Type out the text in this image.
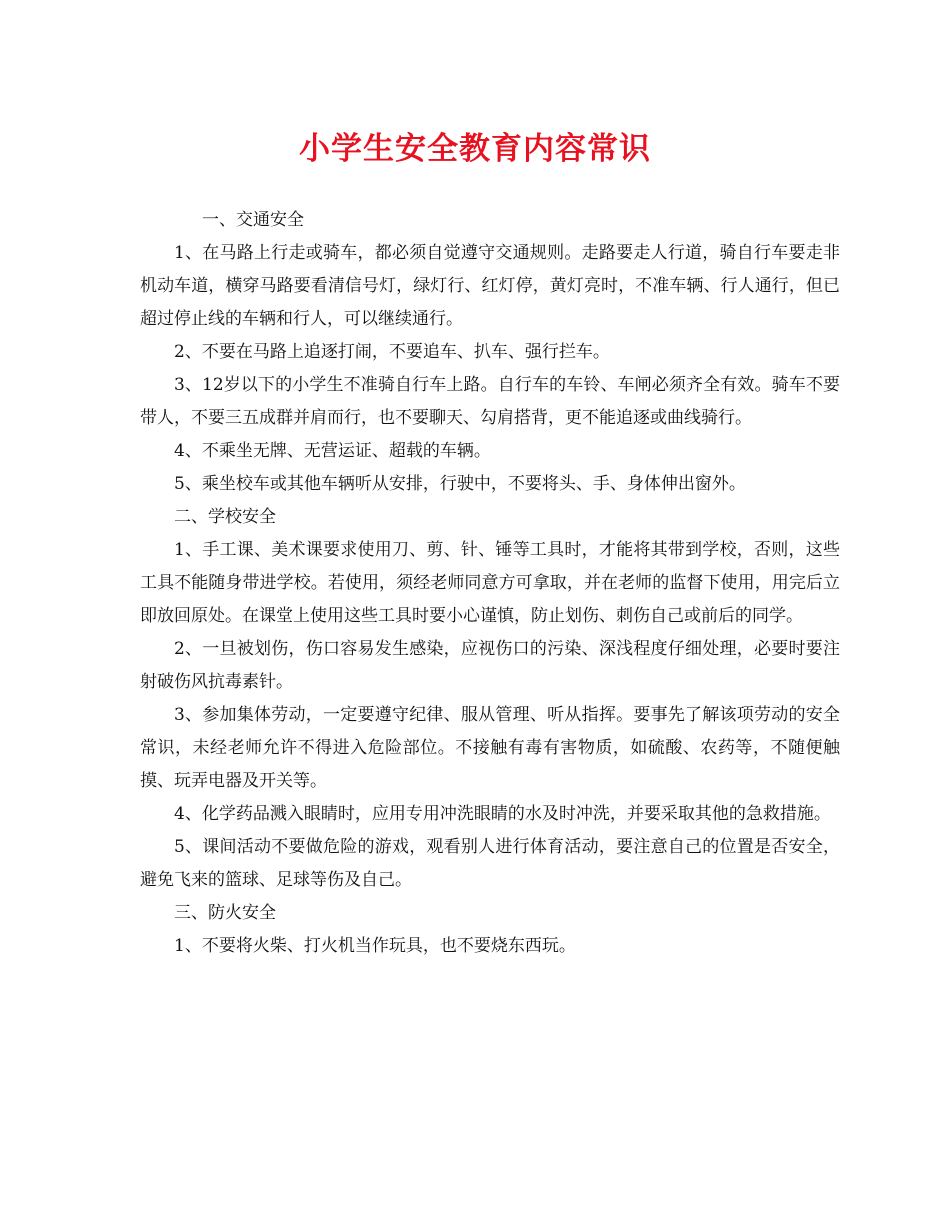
小学生安全教育内容常识

一、交通安全

1、在马路上行走或骑车，都必须自觉遵守交通规则。走路要走人行道，骑自行车要走非机动车道，横穿马路要看清信号灯，绿灯行、红灯停，黄灯亮时，不准车辆、行人通行，但已超过停止线的车辆和行人，可以继续通行。

2、不要在马路上追逐打闹，不要追车、扒车、强行拦车。

3、12岁以下的小学生不准骑自行车上路。自行车的车铃、车闸必须齐全有效。骑车不要带人，不要三五成群并肩而行，也不要聊天、勾肩搭背，更不能追逐或曲线骑行。

4、不乘坐无牌、无营运证、超载的车辆。

5、乘坐校车或其他车辆听从安排，行驶中，不要将头、手、身体伸出窗外。

二、学校安全

1、手工课、美术课要求使用刀、剪、针、锤等工具时，才能将其带到学校，否则，这些工具不能随身带进学校。若使用，须经老师同意方可拿取，并在老师的监督下使用，用完后立即放回原处。在课堂上使用这些工具时要小心谨慎，防止划伤、刺伤自己或前后的同学。

2、一旦被划伤，伤口容易发生感染，应视伤口的污染、深浅程度仔细处理，必要时要注射破伤风抗毒素针。

3、参加集体劳动，一定要遵守纪律、服从管理、听从指挥。要事先了解该项劳动的安全常识，未经老师允许不得进入危险部位。不接触有毒有害物质，如硫酸、农药等，不随便触摸、玩弄电器及开关等。

4、化学药品溅入眼睛时，应用专用冲洗眼睛的水及时冲洗，并要采取其他的急救措施。

5、课间活动不要做危险的游戏，观看别人进行体育活动，要注意自己的位置是否安全，避免飞来的篮球、足球等伤及自己。

三、防火安全

1、不要将火柴、打火机当作玩具，也不要烧东西玩。
